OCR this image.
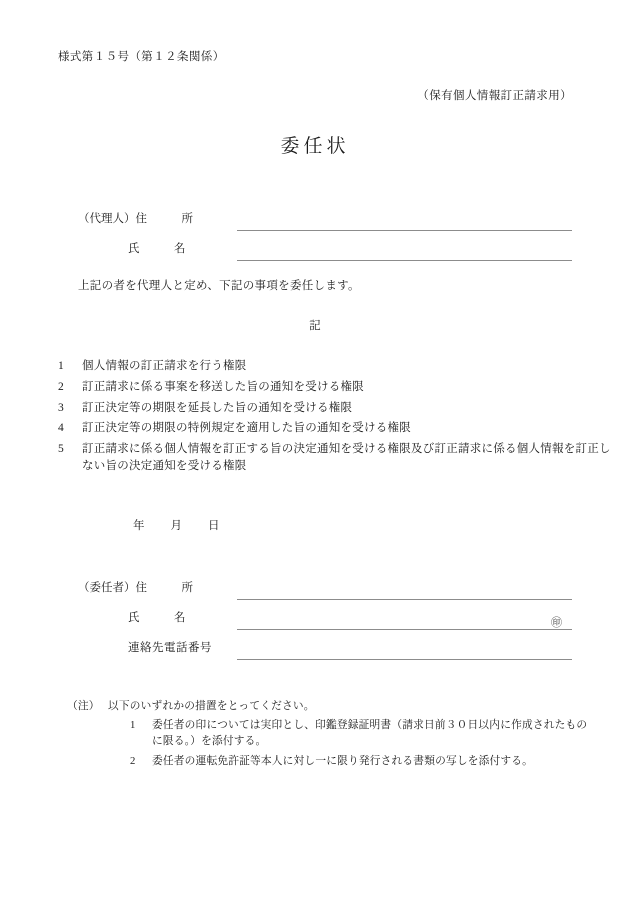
様式第１５号（第１２条関係）
（保有個人情報訂正請求用）
委任状
（代理人）住　　　所
氏　　　名
上記の者を代理人と定め、下記の事項を委任します。
記
1	個人情報の訂正請求を行う権限
2	訂正請求に係る事案を移送した旨の通知を受ける権限
3	訂正決定等の期限を延長した旨の通知を受ける権限
4	訂正決定等の期限の特例規定を適用した旨の通知を受ける権限
5	訂正請求に係る個人情報を訂正する旨の決定通知を受ける権限及び訂正請求に係る個人情報を訂正しない旨の決定通知を受ける権限
年 月 日
（委任者）住　　　所
氏　　　名	㊞
連絡先電話番号
（注） 以下のいずれかの措置をとってください。
1 委任者の印については実印とし、印鑑登録証明書（請求日前３０日以内に作成されたもの
に限る。）を添付する。
2 委任者の運転免許証等本人に対し一に限り発行される書類の写しを添付する。
